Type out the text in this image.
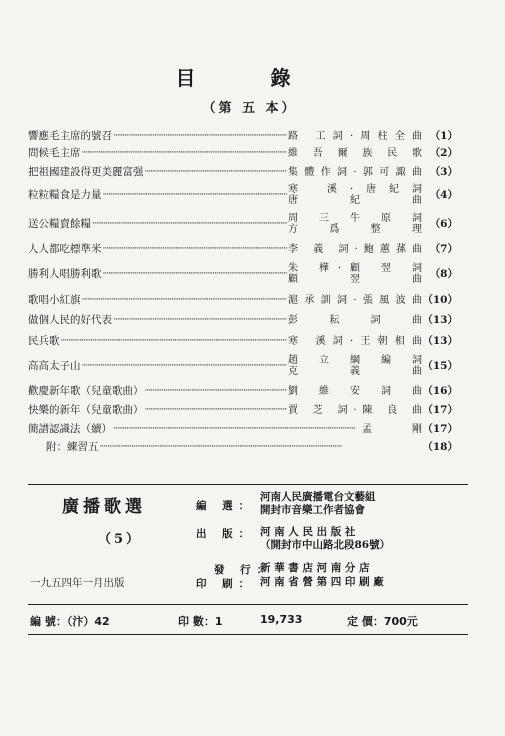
目 錄
（第 五 本）
響應毛主席的號召 ·····	路 工詞·周柱全曲 （1）
問候毛主席 ·····	維 吾 爾 族 民 歌 （2）
把祖國建設得更美麗富强 ·····	集體作詞·郭可諏曲 （3）
粒粒糧食是力量 ·····	寒 溪·唐紀詞
唐 紀 曲 （4）
送公糧賣餘糧 ·····	周 三 牛 原 詞
方 爲 整 理 （6）
人人都吃標準米 ·····	李 義 詞·鮑蕙蓀曲 （7）
勝利人唱勝利歌 ·····	朱 樺·顧 翌 詞
顧 翌 曲 （8）
歌唱小紅旗 ·····	滬承訓詞·張風波曲 （10）
做個人民的好代表 ·····	彭 耘 詞 曲 （13）
民兵歌 ·····	寒 溪詞·王朝相曲 （13）
高高太子山 ·····	趙 立 綱 編 詞
克 義 曲 （15）
歡慶新年歌（兒童歌曲） ·····	劉 維 安 詞 曲 （16）
快樂的新年（兒童歌曲） ·····	賈 芝 詞·陳 良 曲 （17）
簡譜認識法（續） ·····	孟 剛 （17）
附：練習五 ·····	（18）
廣播歌選
（5）
一九五四年一月出版
編 選：
河南人民廣播電台文藝組
開封市音樂工作者協會
出 版： 河 南 人 民 出 版 社
（開封市中山路北段86號）
發 行：
新 華 書 店 河 南 分 店
印 刷： 河 南 省 營 第 四 印 刷 廠
編 號：（汴）42	印 數：1	19,733	定 價：700元
